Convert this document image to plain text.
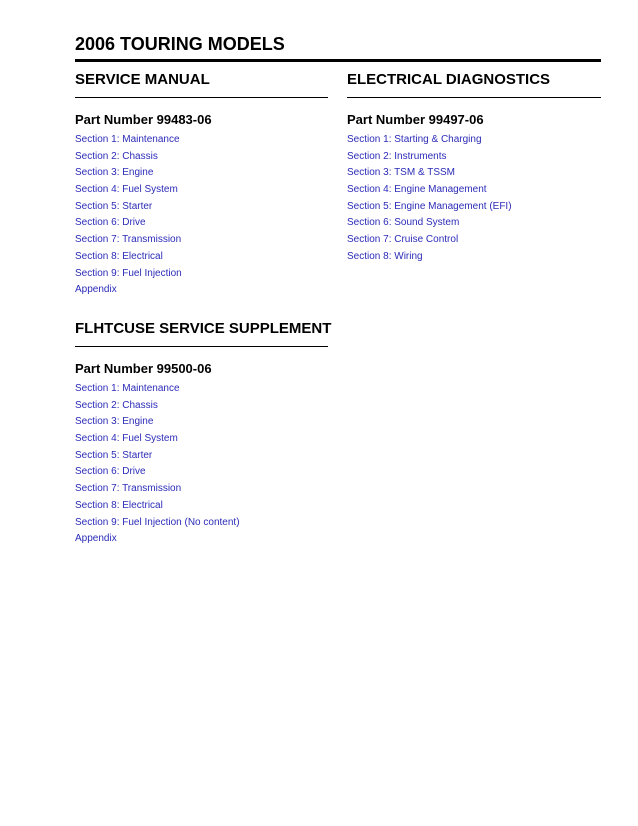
2006 TOURING MODELS
SERVICE MANUAL
Part Number 99483-06
Section 1: Maintenance
Section 2: Chassis
Section 3: Engine
Section 4: Fuel System
Section 5: Starter
Section 6: Drive
Section 7: Transmission
Section 8: Electrical
Section 9: Fuel Injection
Appendix
ELECTRICAL DIAGNOSTICS
Part Number 99497-06
Section 1: Starting & Charging
Section 2: Instruments
Section 3: TSM & TSSM
Section 4: Engine Management
Section 5: Engine Management (EFI)
Section 6: Sound System
Section 7: Cruise Control
Section 8: Wiring
FLHTCUSE SERVICE SUPPLEMENT
Part Number 99500-06
Section 1: Maintenance
Section 2: Chassis
Section 3: Engine
Section 4: Fuel System
Section 5: Starter
Section 6: Drive
Section 7: Transmission
Section 8: Electrical
Section 9: Fuel Injection (No content)
Appendix
